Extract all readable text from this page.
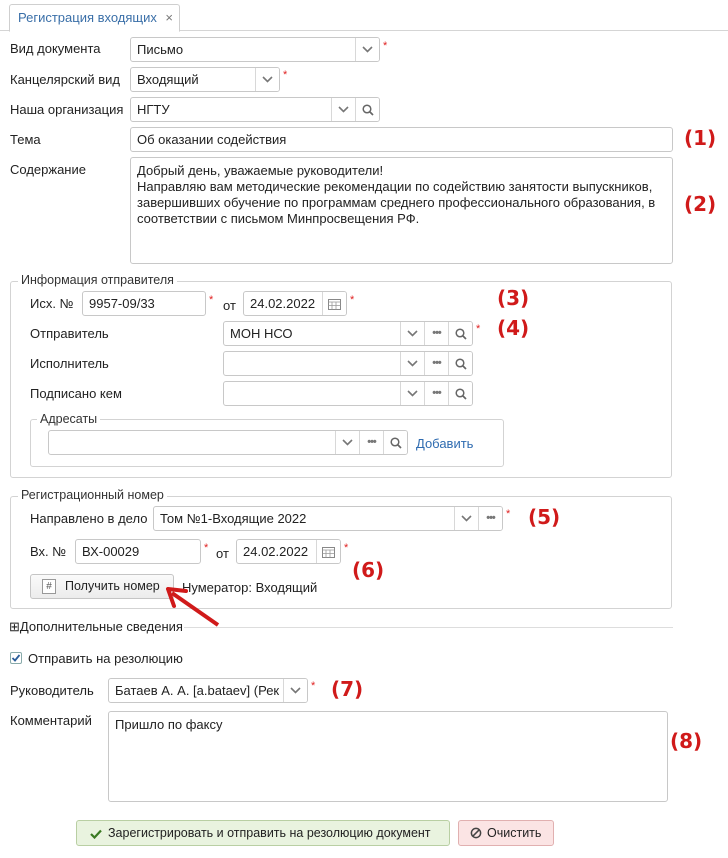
Регистрация входящих ×
Вид документа	Письмо	*
Канцелярский вид	Входящий	*
Наша организация	НГТУ
Тема	Об оказании содействия	(1)
Содержание	Добрый день, уважаемые руководители!
Направляю вам методические рекомендации по содействию занятости выпускников,
завершивших обучение по программам среднего профессионального образования, в
соответствии с письмом Минпросвещения РФ.
(2)
Информация отправителя
Исх. №	9957-09/33	* от	24.02.2022	*	(3)
Отправитель	МОН НСО	•••	* (4)
Исполнитель	•••
Подписано кем	•••
Адресаты
•••	Добавить
Регистрационный номер
Направлено в дело Том №1-Входящие 2022	•••	* (5)
Вх. №	ВХ-00029	* от	24.02.2022	*
#	Получить номер Нумератор: Входящий
(6)
⊞Дополнительные сведения
Отправить на резолюцию
Руководитель	Батаев А. А. [a.bataev] (Рек	* (7)
Комментарий	Пришло по факсу
(8)
Зарегистрировать и отправить на резолюцию документ	Очистить
